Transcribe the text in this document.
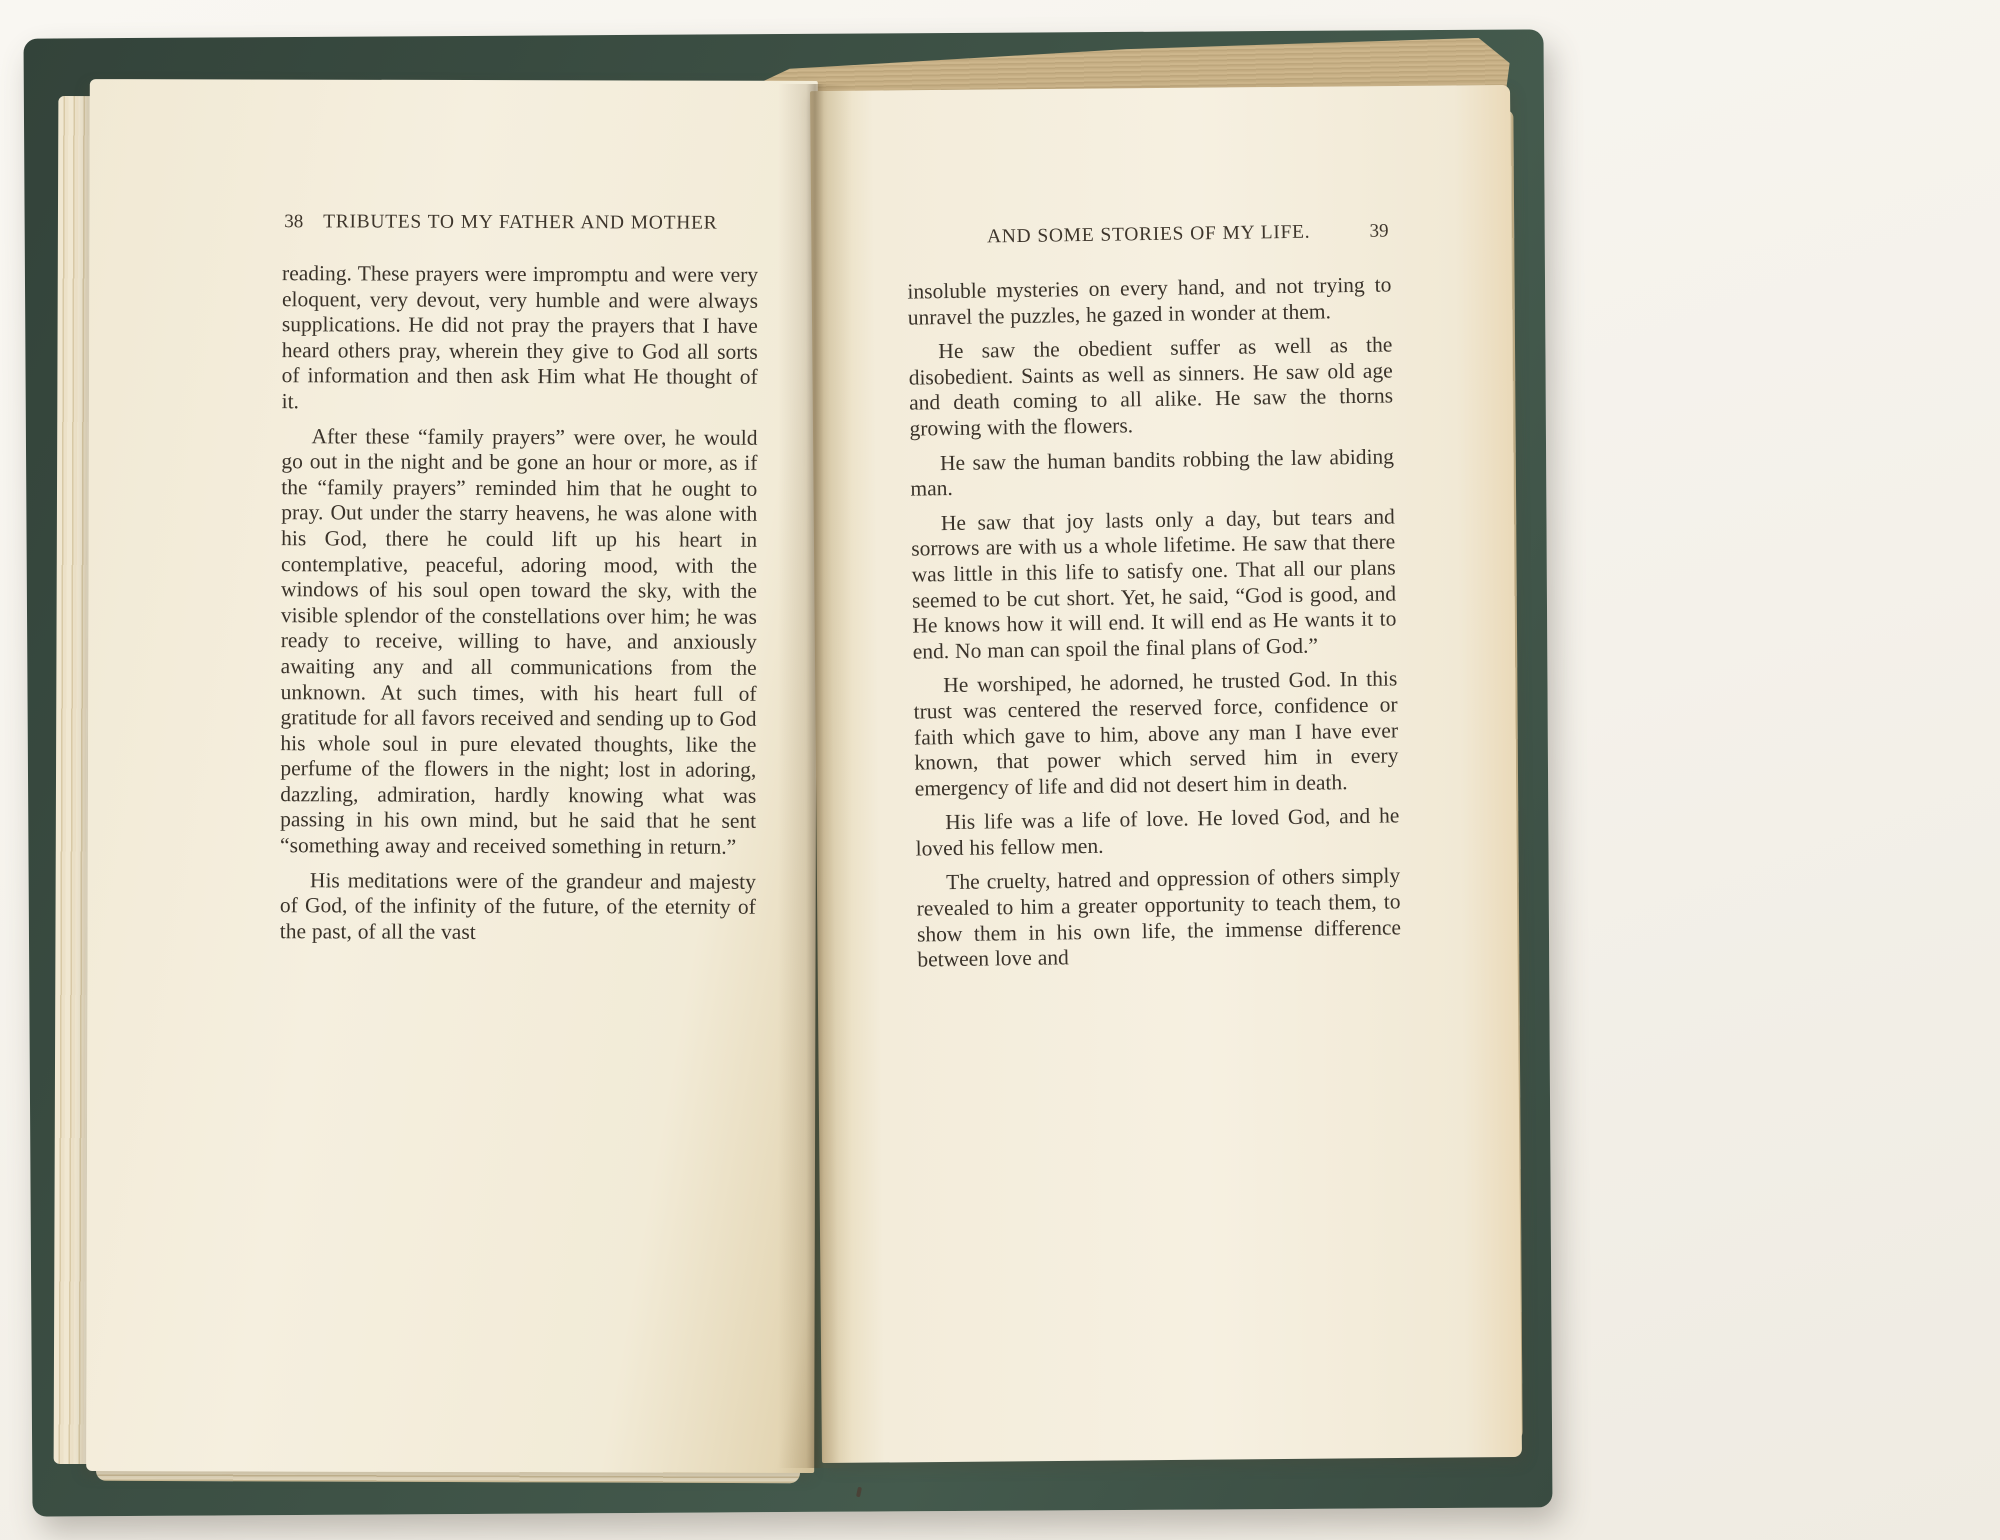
38 TRIBUTES TO MY FATHER AND MOTHER

reading. These prayers were impromptu and were very eloquent, very devout, very humble and were always supplications. He did not pray the prayers that I have heard others pray, wherein they give to God all sorts of information and then ask Him what He thought of it.

After these “family prayers” were over, he would go out in the night and be gone an hour or more, as if the “family prayers” reminded him that he ought to pray. Out under the starry heavens, he was alone with his God, there he could lift up his heart in contemplative, peaceful, adoring mood, with the windows of his soul open toward the sky, with the visible splendor of the constellations over him; he was ready to receive, willing to have, and anxiously awaiting any and all communications from the unknown. At such times, with his heart full of gratitude for all favors received and sending up to God his whole soul in pure elevated thoughts, like the perfume of the flowers in the night; lost in adoring, dazzling, admiration, hardly knowing what was passing in his own mind, but he said that he sent “something away and received something in return.”

His meditations were of the grandeur and majesty of God, of the infinity of the future, of the eternity of the past, of all the vast

AND SOME STORIES OF MY LIFE.	39

insoluble mysteries on every hand, and not trying to unravel the puzzles, he gazed in wonder at them.

He saw the obedient suffer as well as the disobedient. Saints as well as sinners. He saw old age and death coming to all alike. He saw the thorns growing with the flowers.

He saw the human bandits robbing the law abiding man.

He saw that joy lasts only a day, but tears and sorrows are with us a whole lifetime. He saw that there was little in this life to satisfy one. That all our plans seemed to be cut short. Yet, he said, “God is good, and He knows how it will end. It will end as He wants it to end. No man can spoil the final plans of God.”

He worshiped, he adorned, he trusted God. In this trust was centered the reserved force, confidence or faith which gave to him, above any man I have ever known, that power which served him in every emergency of life and did not desert him in death.

His life was a life of love. He loved God, and he loved his fellow men.

The cruelty, hatred and oppression of others simply revealed to him a greater opportunity to teach them, to show them in his own life, the immense difference between love and
